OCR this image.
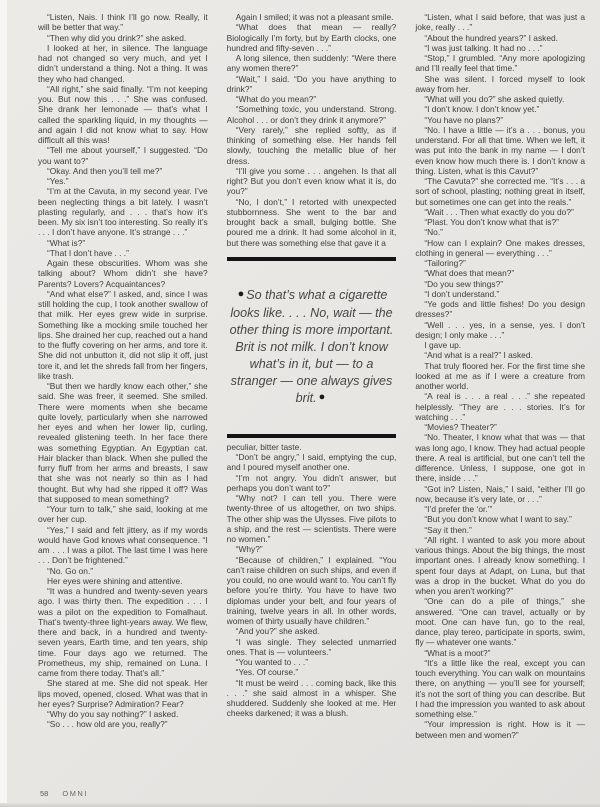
“Listen, Nais. I think I’ll go now. Really, it will be better that way.”

“Then why did you drink?” she asked.

I looked at her, in silence. The language had not changed so very much, and yet I didn’t understand a thing. Not a thing. It was they who had changed.

“All right,” she said finally. “I’m not keeping you. But now this . . .” She was confused. She drank her lemonade — that’s what I called the sparkling liquid, in my thoughts — and again I did not know what to say. How difficult all this was!

“Tell me about yourself,” I suggested. “Do you want to?”

“Okay. And then you’ll tell me?”

“Yes.”

“I’m at the Cavuta, in my second year. I’ve been neglecting things a bit lately. I wasn’t plasting regularly, and . . . that’s how it’s been. My six isn’t too interesting. So really it’s . . . I don’t have anyone. It’s strange . . .”

“What is?”

“That I don’t have . . .”

Again these obscurities. Whom was she talking about? Whom didn’t she have? Parents? Lovers? Acquaintances?

“And what else?” I asked, and, since I was still holding the cup, I took another swallow of that milk. Her eyes grew wide in surprise. Something like a mocking smile touched her lips. She drained her cup, reached out a hand to the fluffy covering on her arms, and tore it. She did not unbutton it, did not slip it off, just tore it, and let the shreds fall from her fingers, like trash.

“But then we hardly know each other,” she said. She was freer, it seemed. She smiled. There were moments when she became quite lovely, particularly when she narrowed her eyes and when her lower lip, curling, revealed glistening teeth. In her face there was something Egyptian. An Egyptian cat. Hair blacker than black. When she pulled the furry fluff from her arms and breasts, I saw that she was not nearly so thin as I had thought. But why had she ripped it off? Was that supposed to mean something?

“Your turn to talk,” she said, looking at me over her cup.

“Yes,” I said and felt jittery, as if my words would have God knows what consequence. “I am . . . I was a pilot. The last time I was here . . . Don’t be frightened.”

“No. Go on.”

Her eyes were shining and attentive.

“It was a hundred and twenty-seven years ago. I was thirty then. The expedition . . . I was a pilot on the expedition to Fomalhaut. That’s twenty-three light-years away. We flew, there and back, in a hundred and twenty-seven years, Earth time, and ten years, ship time. Four days ago we returned. The Prometheus, my ship, remained on Luna. I came from there today. That’s all.”

She stared at me. She did not speak. Her lips moved, opened, closed. What was that in her eyes? Surprise? Admiration? Fear?

“Why do you say nothing?” I asked.

“So . . . how old are you, really?”

Again I smiled; it was not a pleasant smile.

“What does that mean — really? Biologically I’m forty, but by Earth clocks, one hundred and fifty-seven . . .”

A long silence, then suddenly: “Were there any women there?”

“Wait,” I said. “Do you have anything to drink?”

“What do you mean?”

“Something toxic, you understand. Strong. Alcohol . . . or don’t they drink it anymore?”

“Very rarely,” she replied softly, as if thinking of something else. Her hands fell slowly, touching the metallic blue of her dress.

“I’ll give you some . . . angehen. Is that all right? But you don’t even know what it is, do you?”

“No, I don’t,” I retorted with unexpected stubbornness. She went to the bar and brought back a small, bulging bottle. She poured me a drink. It had some alcohol in it, but there was something else that gave it a

● So that’s what a cigarette looks like. . . . No, wait — the other thing is more important. Brit is not milk. I don’t know what’s in it, but — to a stranger — one always gives brit. ●

peculiar, bitter taste.

“Don’t be angry,” I said, emptying the cup, and I poured myself another one.

“I’m not angry. You didn’t answer, but perhaps you don’t want to?”

“Why not? I can tell you. There were twenty-three of us altogether, on two ships. The other ship was the Ulysses. Five pilots to a ship, and the rest — scientists. There were no women.”

“Why?”

“Because of children,” I explained. “You can’t raise children on such ships, and even if you could, no one would want to. You can’t fly before you’re thirty. You have to have two diplomas under your belt, and four years of training, twelve years in all. In other words, women of thirty usually have children.”

“And you?” she asked.

“I was single. They selected unmarried ones. That is — volunteers.”

“You wanted to . . .”

“Yes. Of course.”

“It must be weird . . . coming back, like this . . .” she said almost in a whisper. She shuddered. Suddenly she looked at me. Her cheeks darkened; it was a blush.

“Listen, what I said before, that was just a joke, really . . .”

“About the hundred years?” I asked.

“I was just talking. It had no . . .”

“Stop,” I grumbled. “Any more apologizing and I’ll really feel that time.”

She was silent. I forced myself to look away from her.

“What will you do?” she asked quietly.

“I don’t know. I don’t know yet.”

“You have no plans?”

“No. I have a little — it’s a . . . bonus, you understand. For all that time. When we left, it was put into the bank in my name — I don’t even know how much there is. I don’t know a thing. Listen, what is this Cavut?”

“The Cavuta?” she corrected me. “It’s . . . a sort of school, plasting; nothing great in itself, but sometimes one can get into the reals.”

“Wait . . . Then what exactly do you do?”

“Plast. You don’t know what that is?”

“No.”

“How can I explain? One makes dresses, clothing in general — everything . . .”

“Tailoring?”

“What does that mean?”

“Do you sew things?”

“I don’t understand.”

“Ye gods and little fishes! Do you design dresses?”

“Well . . . yes, in a sense, yes. I don’t design; I only make . . .”

I gave up.

“And what is a real?” I asked.

That truly floored her. For the first time she looked at me as if I were a creature from another world.

“A real is . . . a real . . .” she repeated helplessly. “They are . . . stories. It’s for watching . . .”

“Movies? Theater?”

“No. Theater, I know what that was — that was long ago, I know. They had actual people there. A real is artificial, but one can’t tell the difference. Unless, I suppose, one got in there, inside . . .”

“Got in? Listen, Nais,” I said, “either I’ll go now, because it’s very late, or . . .”

“I’d prefer the ‘or.’”

“But you don’t know what I want to say.”

“Say it then.”

“All right. I wanted to ask you more about various things. About the big things, the most important ones. I already know something. I spent four days at Adapt, on Luna, but that was a drop in the bucket. What do you do when you aren’t working?”

“One can do a pile of things,” she answered. “One can travel, actually or by moot. One can have fun, go to the real, dance, play tereo, participate in sports, swim, fly — whatever one wants.”

“What is a moot?”

“It’s a little like the real, except you can touch everything. You can walk on mountains there, on anything — you’ll see for yourself; it’s not the sort of thing you can describe. But I had the impression you wanted to ask about something else.”

“Your impression is right. How is it — between men and women?”

58 OMNI
